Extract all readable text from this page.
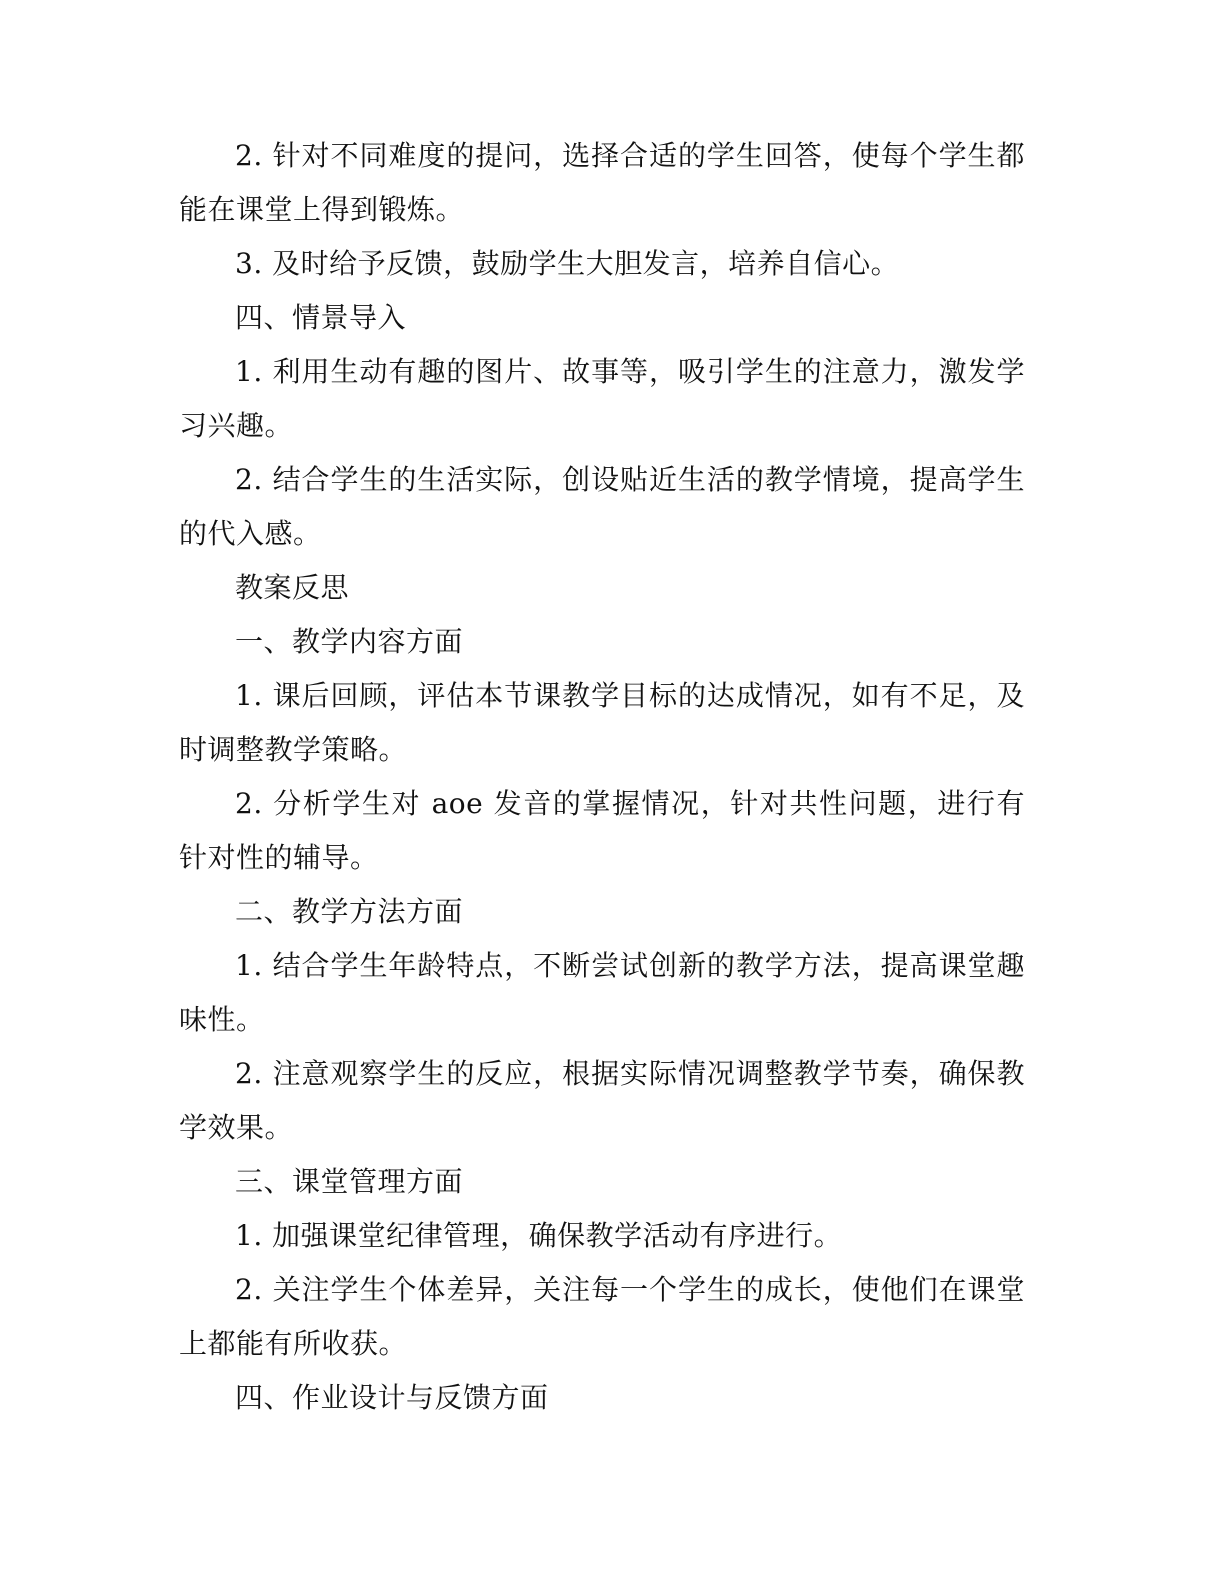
2. 针对不同难度的提问，选择合适的学生回答，使每个学生都能在课堂上得到锻炼。

3. 及时给予反馈，鼓励学生大胆发言，培养自信心。

四、情景导入

1. 利用生动有趣的图片、故事等，吸引学生的注意力，激发学习兴趣。

2. 结合学生的生活实际，创设贴近生活的教学情境，提高学生的代入感。

教案反思

一、教学内容方面

1. 课后回顾，评估本节课教学目标的达成情况，如有不足，及时调整教学策略。

2. 分析学生对 aoe 发音的掌握情况，针对共性问题，进行有针对性的辅导。

二、教学方法方面

1. 结合学生年龄特点，不断尝试创新的教学方法，提高课堂趣味性。

2. 注意观察学生的反应，根据实际情况调整教学节奏，确保教学效果。

三、课堂管理方面

1. 加强课堂纪律管理，确保教学活动有序进行。

2. 关注学生个体差异，关注每一个学生的成长，使他们在课堂上都能有所收获。

四、作业设计与反馈方面
